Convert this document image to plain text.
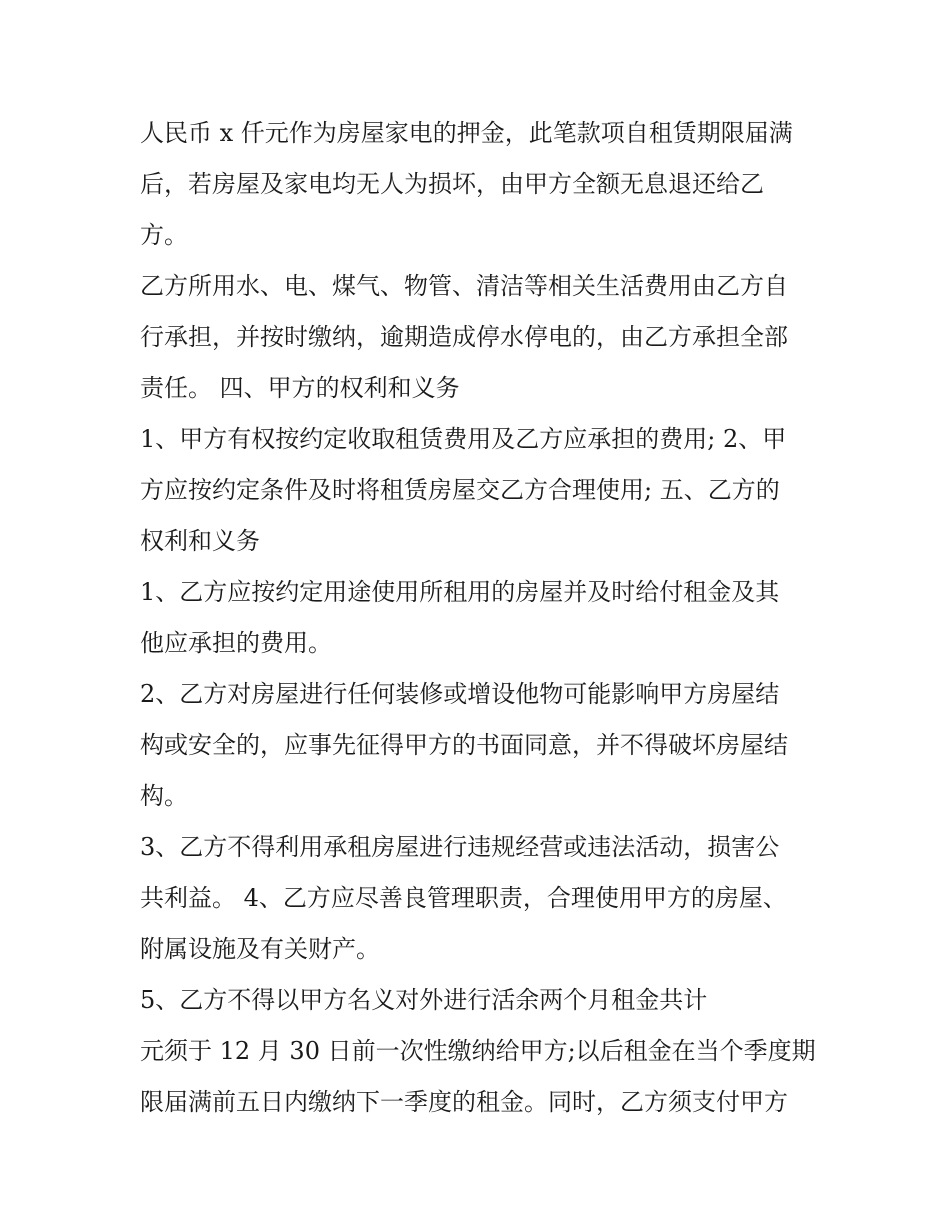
人民币 x 仟元作为房屋家电的押金，此笔款项自租赁期限届满
后，若房屋及家电均无人为损坏，由甲方全额无息退还给乙
方。
乙方所用水、电、煤气、物管、清洁等相关生活费用由乙方自
行承担，并按时缴纳，逾期造成停水停电的，由乙方承担全部
责任。 四、甲方的权利和义务
1、甲方有权按约定收取租赁费用及乙方应承担的费用; 2、甲
方应按约定条件及时将租赁房屋交乙方合理使用; 五、乙方的
权利和义务
1、乙方应按约定用途使用所租用的房屋并及时给付租金及其
他应承担的费用。
2、乙方对房屋进行任何装修或增设他物可能影响甲方房屋结
构或安全的，应事先征得甲方的书面同意，并不得破坏房屋结
构。
3、乙方不得利用承租房屋进行违规经营或违法活动，损害公
共利益。 4、乙方应尽善良管理职责，合理使用甲方的房屋、
附属设施及有关财产。
5、乙方不得以甲方名义对外进行活余两个月租金共计
元须于 12 月 30 日前一次性缴纳给甲方;以后租金在当个季度期
限届满前五日内缴纳下一季度的租金。同时，乙方须支付甲方
